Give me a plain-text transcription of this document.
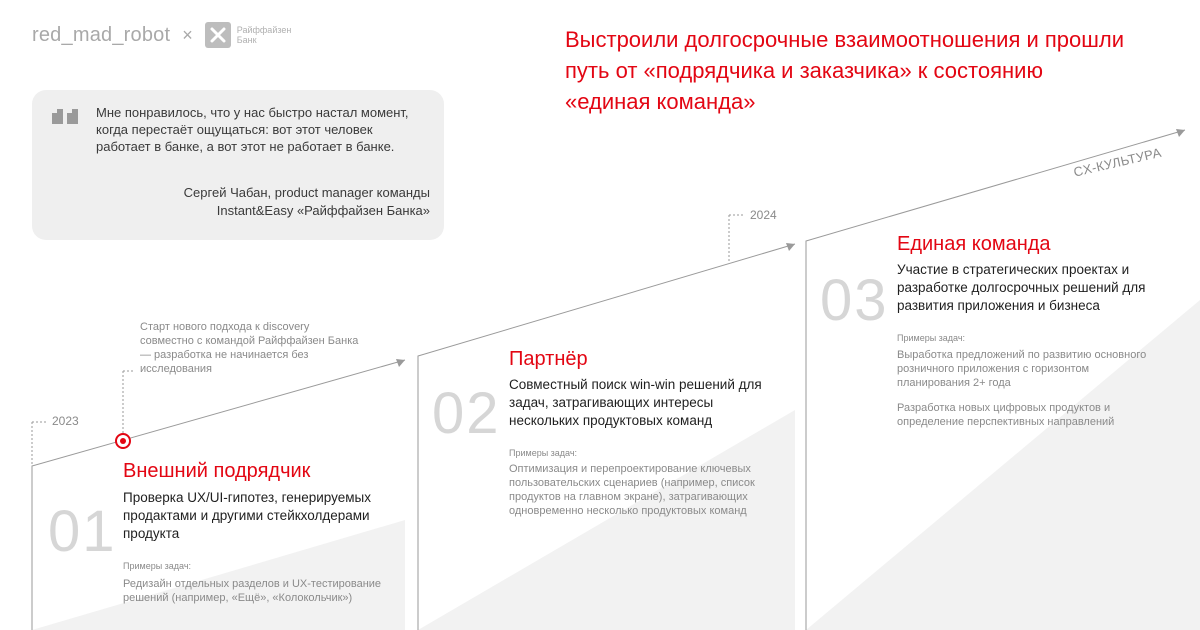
red_mad_robot ×	Райффайзен Банк	Выстроили долгосрочные взаимоотношения и прошли путь от «подрядчика и заказчика» к состоянию «единая команда»

Мне понравилось, что у нас быстро настал момент, когда перестаёт ощущаться: вот этот человек работает в банке, а вот этот не работает в банке.

Сергей Чабан, product manager команды Instant&Easy «Райффайзен Банка»

2023
2024

Старт нового подхода к discovery совместно с командой Райффайзен Банка — разработка не начинается без исследования

CX-КУЛЬТУРА
01
Внешний подрядчик

Проверка UX/UI-гипотез, генерируемых продактами и другими стейкхолдерами продукта

Примеры задач:

Редизайн отдельных разделов и UX-тестирование решений (например, «Ещё», «Колокольчик»)

02
Партнёр

Совместный поиск win-win решений для задач, затрагивающих интересы нескольких продуктовых команд

Примеры задач:

Оптимизация и перепроектирование ключевых пользовательских сценариев (например, список продуктов на главном экране), затрагивающих одновременно несколько продуктовых команд

03
Единая команда

Участие в стратегических проектах и разработке долгосрочных решений для развития приложения и бизнеса

Примеры задач:

Выработка предложений по развитию основного розничного приложения с горизонтом планирования 2+ года

Разработка новых цифровых продуктов и определение перспективных направлений
